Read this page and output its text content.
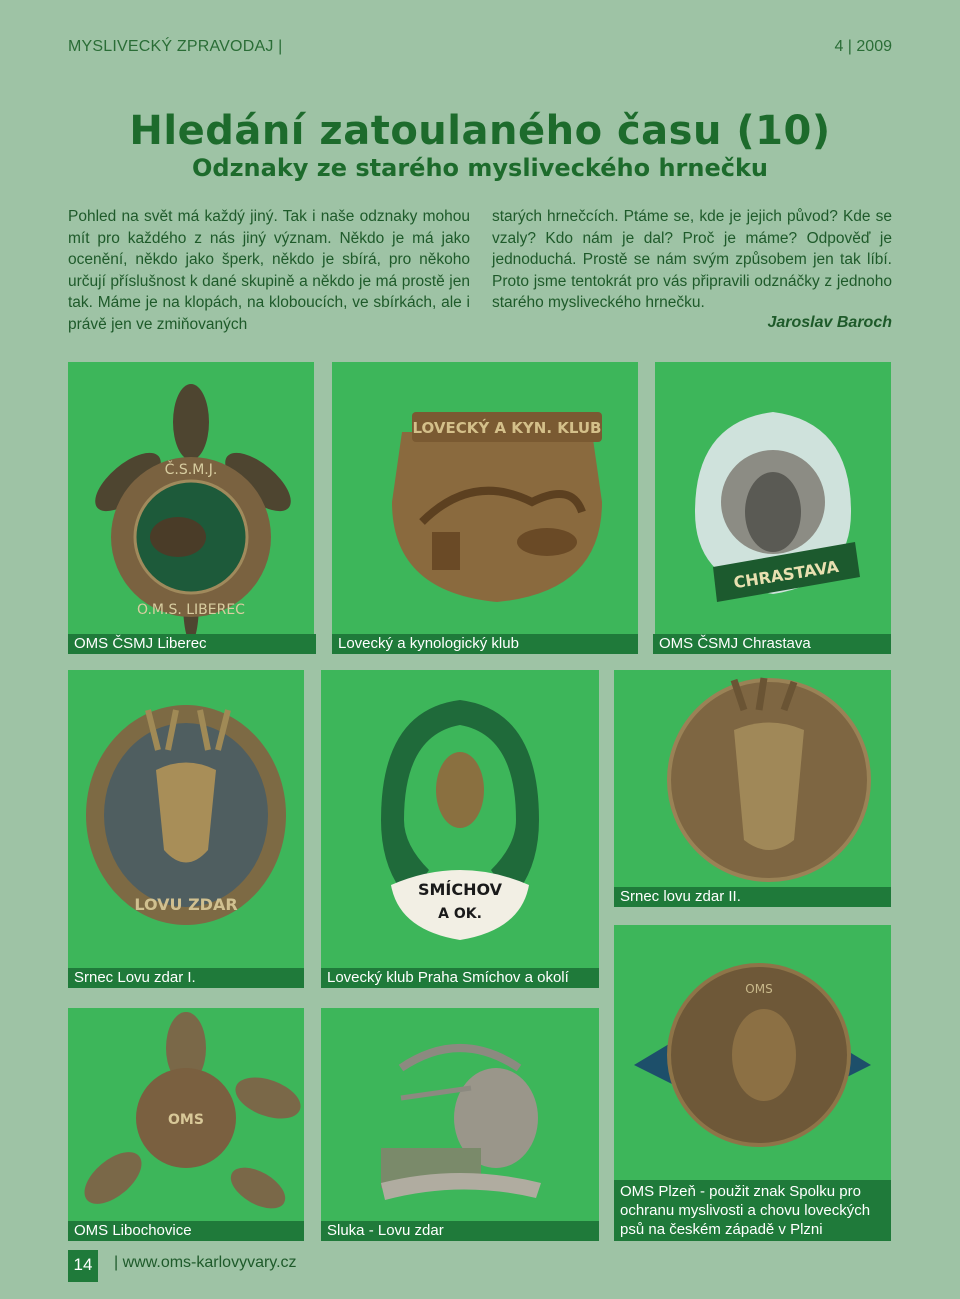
MYSLIVECKÝ ZPRAVODAJ |	4 | 2009
Hledání zatoulaného času (10)
Odznaky ze starého mysliveckého hrnečku
Pohled na svět má každý jiný. Tak i naše odznaky mohou mít pro každého z nás jiný význam. Někdo je má jako ocenění, někdo jako šperk, někdo je sbírá, pro někoho určují příslušnost k dané skupině a někdo je má prostě jen tak. Máme je na klopách, na kloboucích, ve sbírkách, ale i právě jen ve zmiňovaných
starých hrnečcích. Ptáme se, kde je jejich původ? Kde se vzaly? Kdo nám je dal? Proč je máme? Odpověď je jednoduchá. Prostě se nám svým způsobem jen tak líbí. Proto jsme tentokrát pro vás připravili odznáčky z jednoho starého mysliveckého hrnečku.
Jaroslav Baroch
Č.S.M.J.
O.M.S. LIBEREC
OMS ČSMJ Liberec
LOVECKÝ A KYN. KLUB
Lovecký a kynologický klub
CHRASTAVA
OMS ČSMJ Chrastava
LOVU ZDAR
Srnec Lovu zdar I.
SMÍCHOV
A OK.
Lovecký klub Praha Smíchov a okolí
Srnec lovu zdar II.
OMS
OMS Libochovice	Sluka - Lovu zdar
OMS
OMS Plzeň - použit znak Spolku pro ochranu myslivosti a chovu loveckých psů na českém západě v Plzni
14	| www.oms-karlovyvary.cz
